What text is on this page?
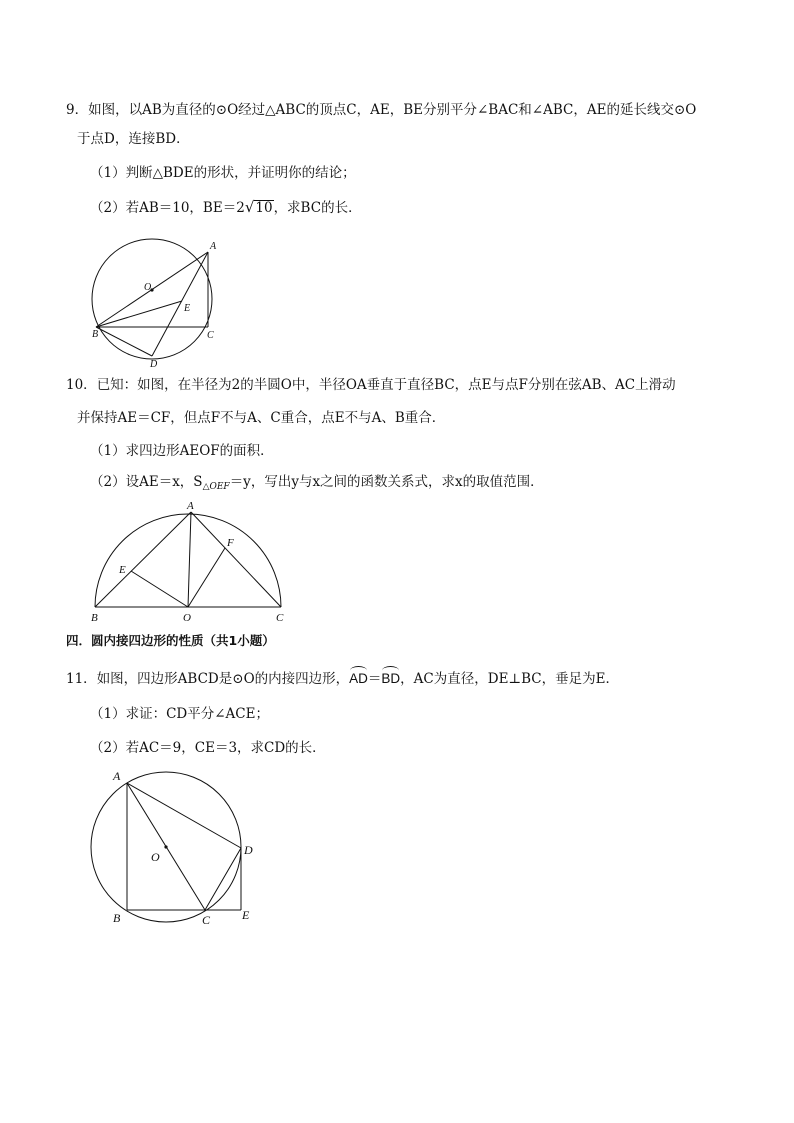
9．如图，以AB为直径的⊙O经过△ABC的顶点C，AE，BE分别平分∠BAC和∠ABC，AE的延长线交⊙O
于点D，连接BD．
（1）判断△BDE的形状，并证明你的结论；
（2）若AB＝10，BE＝2√10，求BC的长．
A
O
E
B	C
D
10．已知：如图，在半径为2的半圆O中，半径OA垂直于直径BC，点E与点F分别在弦AB、AC上滑动
并保持AE＝CF，但点F不与A、C重合，点E不与A、B重合．
（1）求四边形AEOF的面积．
（2）设AE＝x，$S_{\triangle OEF}=y$，写出y与x之间的函数关系式，求x的取值范围．
A
F
E
B	O	C
四．圆内接四边形的性质（共1小题）
11．如图，四边形ABCD是⊙O的内接四边形，AD＝BD，AC为直径，DE⊥BC，垂足为E．
（1）求证：CD平分∠ACE；
（2）若AC＝9，CE＝3，求CD的长．
A
O	D
B	C	E
